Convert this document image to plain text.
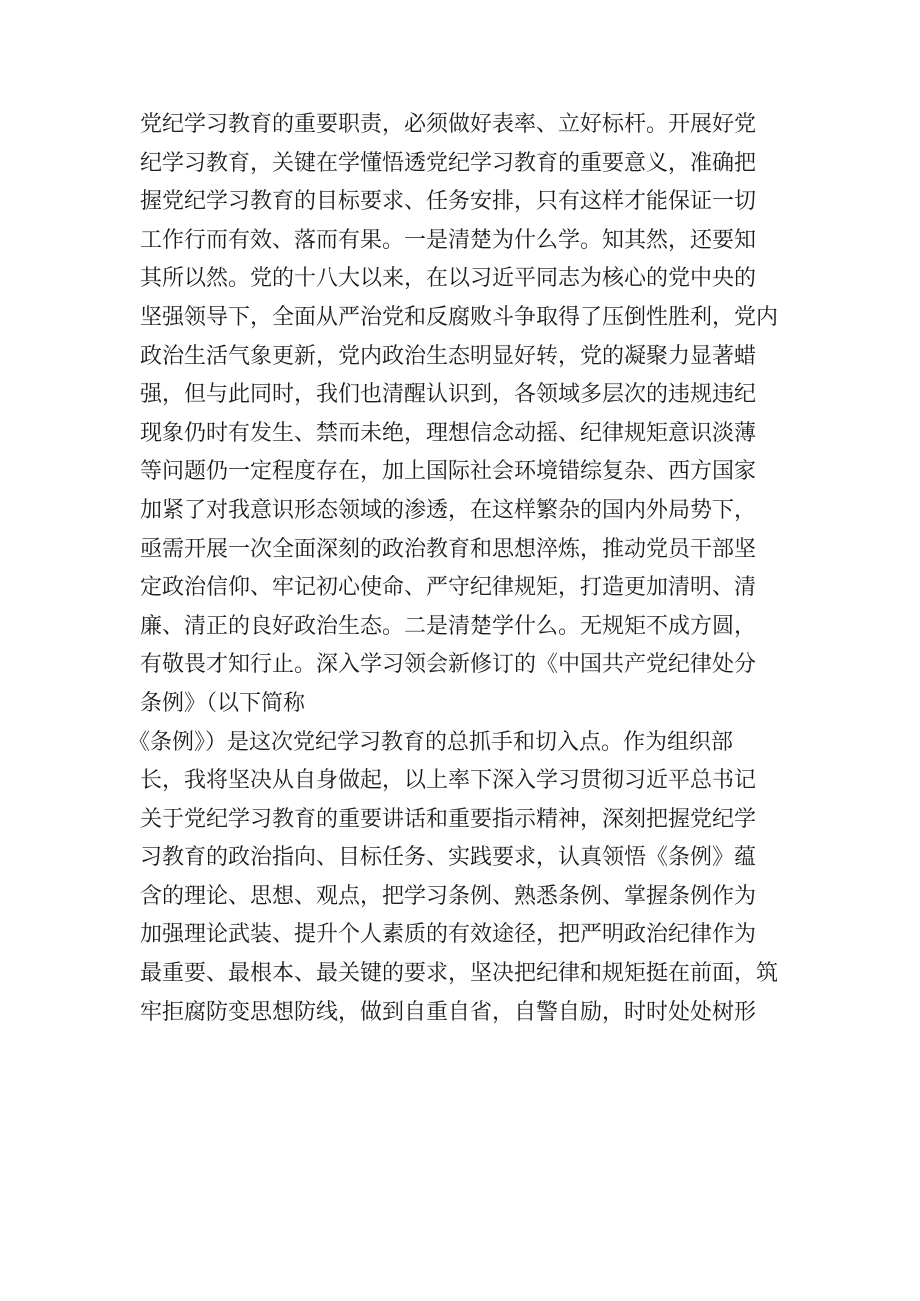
党纪学习教育的重要职责，必须做好表率、立好标杆。开展好党

纪学习教育，关键在学懂悟透党纪学习教育的重要意义，准确把

握党纪学习教育的目标要求、任务安排，只有这样才能保证一切

工作行而有效、落而有果。一是清楚为什么学。知其然，还要知

其所以然。党的十八大以来，在以习近平同志为核心的党中央的

坚强领导下，全面从严治党和反腐败斗争取得了压倒性胜利，党内

政治生活气象更新，党内政治生态明显好转，党的凝聚力显著蜡

强，但与此同时，我们也清醒认识到，各领域多层次的违规违纪

现象仍时有发生、禁而未绝，理想信念动摇、纪律规矩意识淡薄

等问题仍一定程度存在，加上国际社会环境错综复杂、西方国家

加紧了对我意识形态领域的渗透，在这样繁杂的国内外局势下，

亟需开展一次全面深刻的政治教育和思想淬炼，推动党员干部坚

定政治信仰、牢记初心使命、严守纪律规矩，打造更加清明、清

廉、清正的良好政治生态。二是清楚学什么。无规矩不成方圆，

有敬畏才知行止。深入学习领会新修订的《中国共产党纪律处分

条例》（以下简称

《条例》）是这次党纪学习教育的总抓手和切入点。作为组织部

长，我将坚决从自身做起，以上率下深入学习贯彻习近平总书记

关于党纪学习教育的重要讲话和重要指示精神，深刻把握党纪学

习教育的政治指向、目标任务、实践要求，认真领悟《条例》蕴

含的理论、思想、观点，把学习条例、熟悉条例、掌握条例作为

加强理论武装、提升个人素质的有效途径，把严明政治纪律作为

最重要、最根本、最关键的要求，坚决把纪律和规矩挺在前面，筑

牢拒腐防变思想防线，做到自重自省，自警自励，时时处处树形
